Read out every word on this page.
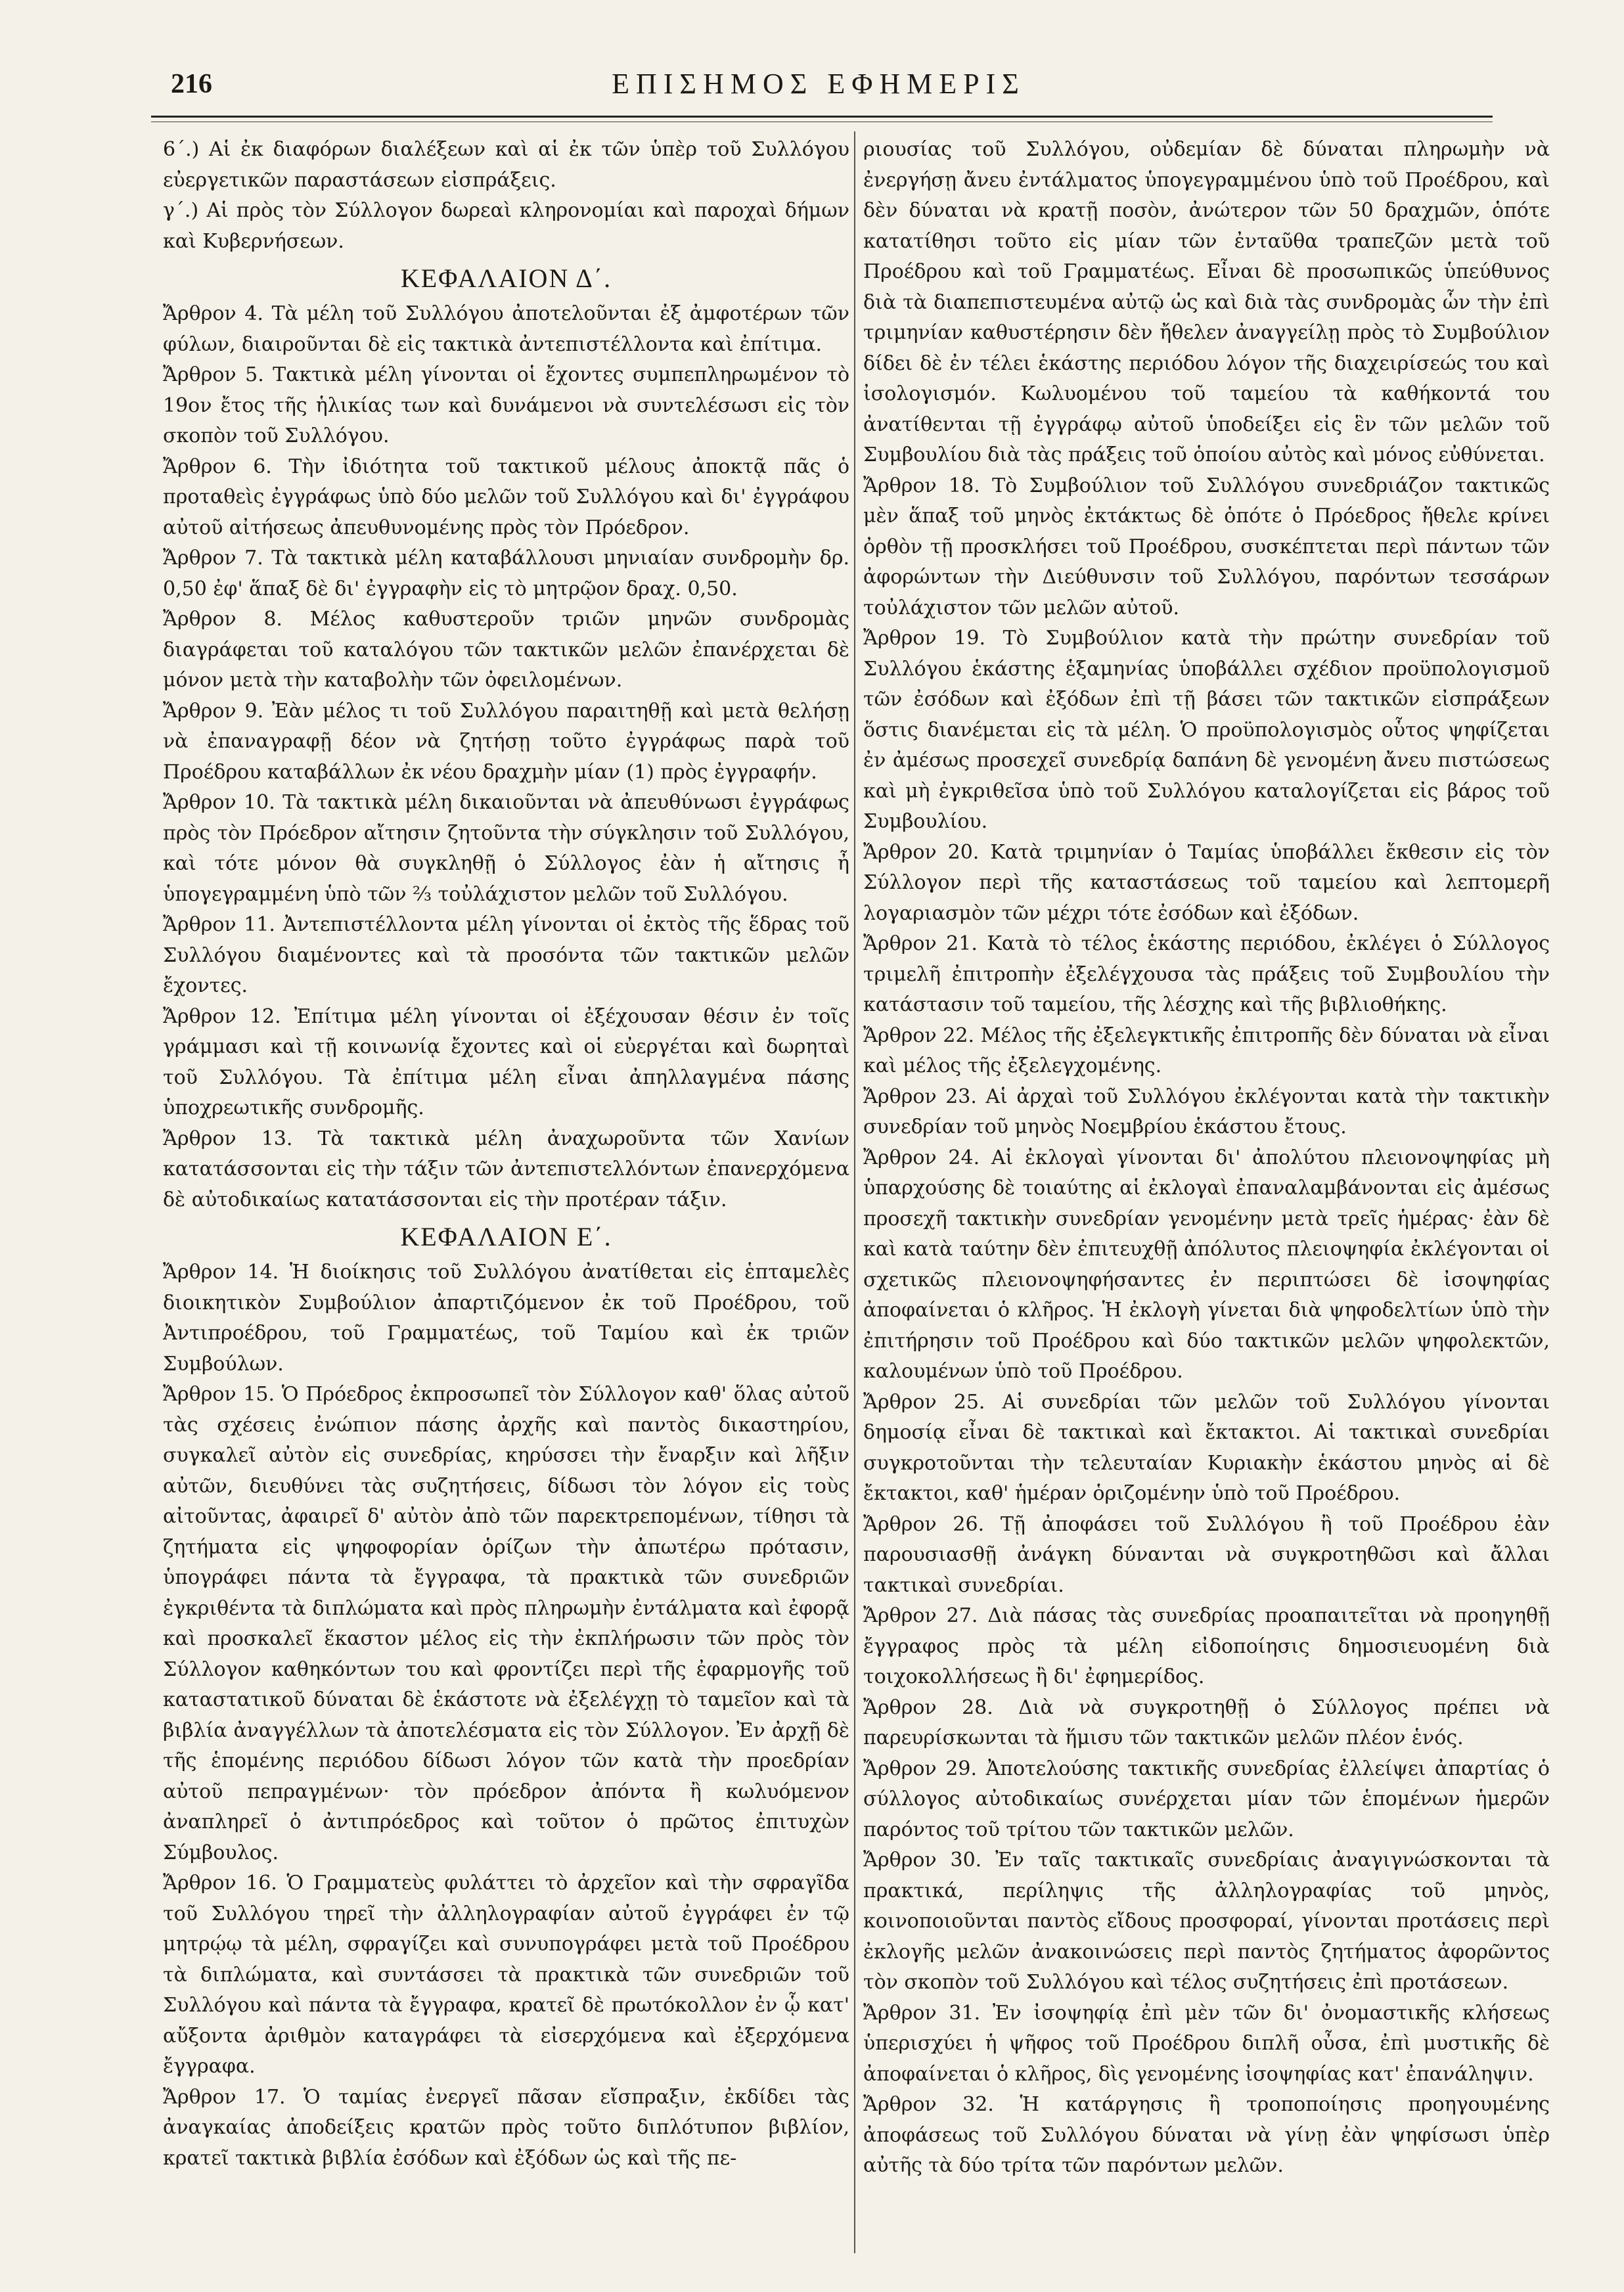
216	ΕΠΙΣΗΜΟΣ ΕΦΗΜΕΡΙΣ

6΄.) Αἱ ἐκ διαφόρων διαλέξεων καὶ αἱ ἐκ τῶν ὑπὲρ τοῦ Συλλόγου εὐεργετικῶν παραστάσεων εἰσπράξεις.

γ΄.) Αἱ πρὸς τὸν Σύλλογον δωρεαὶ κληρονομίαι καὶ παροχαὶ δήμων καὶ Κυβερνήσεων.

ΚΕΦΑΛΑΙΟΝ Δ΄.

Ἄρθρον 4. Τὰ μέλη τοῦ Συλλόγου ἀποτελοῦνται ἐξ ἀμφοτέρων τῶν φύλων, διαιροῦνται δὲ εἰς τακτικὰ ἀντεπιστέλλοντα καὶ ἐπίτιμα.

Ἄρθρον 5. Τακτικὰ μέλη γίνονται οἱ ἔχοντες συμπεπληρωμένον τὸ 19ον ἔτος τῆς ἡλικίας των καὶ δυνάμενοι νὰ συντελέσωσι εἰς τὸν σκοπὸν τοῦ Συλλόγου.

Ἄρθρον 6. Τὴν ἰδιότητα τοῦ τακτικοῦ μέλους ἀποκτᾷ πᾶς ὁ προταθεὶς ἐγγράφως ὑπὸ δύο μελῶν τοῦ Συλλόγου καὶ δι' ἐγγράφου αὐτοῦ αἰτήσεως ἀπευθυνομένης πρὸς τὸν Πρόεδρον.

Ἄρθρον 7. Τὰ τακτικὰ μέλη καταβάλλουσι μηνιαίαν συνδρομὴν δρ. 0,50 ἐφ' ἅπαξ δὲ δι' ἐγγραφὴν εἰς τὸ μητρῷον δραχ. 0,50.

Ἄρθρον 8. Μέλος καθυστεροῦν τριῶν μηνῶν συνδρομὰς διαγράφεται τοῦ καταλόγου τῶν τακτικῶν μελῶν ἐπανέρχεται δὲ μόνον μετὰ τὴν καταβολὴν τῶν ὀφειλομένων.

Ἄρθρον 9. Ἐὰν μέλος τι τοῦ Συλλόγου παραιτηθῇ καὶ μετὰ θελήσῃ νὰ ἐπαναγραφῇ δέον νὰ ζητήσῃ τοῦτο ἐγγράφως παρὰ τοῦ Προέδρου καταβάλλων ἐκ νέου δραχμὴν μίαν (1) πρὸς ἐγγραφήν.

Ἄρθρον 10. Τὰ τακτικὰ μέλη δικαιοῦνται νὰ ἀπευθύνωσι ἐγγράφως πρὸς τὸν Πρόεδρον αἴτησιν ζητοῦντα τὴν σύγκλησιν τοῦ Συλλόγου, καὶ τότε μόνον θὰ συγκληθῇ ὁ Σύλλογος ἐὰν ἡ αἴτησις ἦ ὑπογεγραμμένη ὑπὸ τῶν ⅔ τοὐλάχιστον μελῶν τοῦ Συλλόγου.

Ἄρθρον 11. Ἀντεπιστέλλοντα μέλη γίνονται οἱ ἐκτὸς τῆς ἕδρας τοῦ Συλλόγου διαμένοντες καὶ τὰ προσόντα τῶν τακτικῶν μελῶν ἔχοντες.

Ἄρθρον 12. Ἐπίτιμα μέλη γίνονται οἱ ἐξέχουσαν θέσιν ἐν τοῖς γράμμασι καὶ τῇ κοινωνίᾳ ἔχοντες καὶ οἱ εὐεργέται καὶ δωρηταὶ τοῦ Συλλόγου. Τὰ ἐπίτιμα μέλη εἶναι ἀπηλλαγμένα πάσης ὑποχρεωτικῆς συνδρομῆς.

Ἄρθρον 13. Τὰ τακτικὰ μέλη ἀναχωροῦντα τῶν Χανίων κατατάσσονται εἰς τὴν τάξιν τῶν ἀντεπιστελλόντων ἐπανερχόμενα δὲ αὐτοδικαίως κατατάσσονται εἰς τὴν προτέραν τάξιν.

ΚΕΦΑΛΑΙΟΝ Ε΄.

Ἄρθρον 14. Ἡ διοίκησις τοῦ Συλλόγου ἀνατίθεται εἰς ἑπταμελὲς διοικητικὸν Συμβούλιον ἀπαρτιζόμενον ἐκ τοῦ Προέδρου, τοῦ Ἀντιπροέδρου, τοῦ Γραμματέως, τοῦ Ταμίου καὶ ἐκ τριῶν Συμβούλων.

Ἄρθρον 15. Ὁ Πρόεδρος ἐκπροσωπεῖ τὸν Σύλλογον καθ' ὅλας αὐτοῦ τὰς σχέσεις ἐνώπιον πάσης ἀρχῆς καὶ παντὸς δικαστηρίου, συγκαλεῖ αὐτὸν εἰς συνεδρίας, κηρύσσει τὴν ἔναρξιν καὶ λῆξιν αὐτῶν, διευθύνει τὰς συζητήσεις, δίδωσι τὸν λόγον εἰς τοὺς αἰτοῦντας, ἀφαιρεῖ δ' αὐτὸν ἀπὸ τῶν παρεκτρεπομένων, τίθησι τὰ ζητήματα εἰς ψηφοφορίαν ὁρίζων τὴν ἀπωτέρω πρότασιν, ὑπογράφει πάντα τὰ ἔγγραφα, τὰ πρακτικὰ τῶν συνεδριῶν ἐγκριθέντα τὰ διπλώματα καὶ πρὸς πληρωμὴν ἐντάλματα καὶ ἐφορᾷ καὶ προσκαλεῖ ἕκαστον μέλος εἰς τὴν ἐκπλήρωσιν τῶν πρὸς τὸν Σύλλογον καθηκόντων του καὶ φροντίζει περὶ τῆς ἐφαρμογῆς τοῦ καταστατικοῦ δύναται δὲ ἑκάστοτε νὰ ἐξελέγχῃ τὸ ταμεῖον καὶ τὰ βιβλία ἀναγγέλλων τὰ ἀποτελέσματα εἰς τὸν Σύλλογον. Ἐν ἀρχῇ δὲ τῆς ἑπομένης περιόδου δίδωσι λόγον τῶν κατὰ τὴν προεδρίαν αὐτοῦ πεπραγμένων· τὸν πρόεδρον ἀπόντα ἢ κωλυόμενον ἀναπληρεῖ ὁ ἀντιπρόεδρος καὶ τοῦτον ὁ πρῶτος ἐπιτυχὼν Σύμβουλος.

Ἄρθρον 16. Ὁ Γραμματεὺς φυλάττει τὸ ἀρχεῖον καὶ τὴν σφραγῖδα τοῦ Συλλόγου τηρεῖ τὴν ἀλληλογραφίαν αὐτοῦ ἐγγράφει ἐν τῷ μητρῴῳ τὰ μέλη, σφραγίζει καὶ συνυπογράφει μετὰ τοῦ Προέδρου τὰ διπλώματα, καὶ συντάσσει τὰ πρακτικὰ τῶν συνεδριῶν τοῦ Συλλόγου καὶ πάντα τὰ ἔγγραφα, κρατεῖ δὲ πρωτόκολλον ἐν ᾧ κατ' αὔξοντα ἀριθμὸν καταγράφει τὰ εἰσερχόμενα καὶ ἐξερχόμενα ἔγγραφα.

Ἄρθρον 17. Ὁ ταμίας ἐνεργεῖ πᾶσαν εἴσπραξιν, ἐκδίδει τὰς ἀναγκαίας ἀποδείξεις κρατῶν πρὸς τοῦτο διπλότυπον βιβλίον, κρατεῖ τακτικὰ βιβλία ἐσόδων καὶ ἐξόδων ὡς καὶ τῆς πε-

ριουσίας τοῦ Συλλόγου, οὐδεμίαν δὲ δύναται πληρωμὴν νὰ ἐνεργήσῃ ἄνευ ἐντάλματος ὑπογεγραμμένου ὑπὸ τοῦ Προέδρου, καὶ δὲν δύναται νὰ κρατῇ ποσὸν, ἀνώτερον τῶν 50 δραχμῶν, ὁπότε κατατίθησι τοῦτο εἰς μίαν τῶν ἐνταῦθα τραπεζῶν μετὰ τοῦ Προέδρου καὶ τοῦ Γραμματέως. Εἶναι δὲ προσωπικῶς ὑπεύθυνος διὰ τὰ διαπεπιστευμένα αὐτῷ ὡς καὶ διὰ τὰς συνδρομὰς ὧν τὴν ἐπὶ τριμηνίαν καθυστέρησιν δὲν ἤθελεν ἀναγγείλῃ πρὸς τὸ Συμβούλιον δίδει δὲ ἐν τέλει ἑκάστης περιόδου λόγον τῆς διαχειρίσεώς του καὶ ἰσολογισμόν. Κωλυομένου τοῦ ταμείου τὰ καθήκοντά του ἀνατίθενται τῇ ἐγγράφῳ αὐτοῦ ὑποδείξει εἰς ἓν τῶν μελῶν τοῦ Συμβουλίου διὰ τὰς πράξεις τοῦ ὁποίου αὐτὸς καὶ μόνος εὐθύνεται.

Ἄρθρον 18. Τὸ Συμβούλιον τοῦ Συλλόγου συνεδριάζον τακτικῶς μὲν ἅπαξ τοῦ μηνὸς ἐκτάκτως δὲ ὁπότε ὁ Πρόεδρος ἤθελε κρίνει ὀρθὸν τῇ προσκλήσει τοῦ Προέδρου, συσκέπτεται περὶ πάντων τῶν ἀφορώντων τὴν Διεύθυνσιν τοῦ Συλλόγου, παρόντων τεσσάρων τοὐλάχιστον τῶν μελῶν αὐτοῦ.

Ἄρθρον 19. Τὸ Συμβούλιον κατὰ τὴν πρώτην συνεδρίαν τοῦ Συλλόγου ἑκάστης ἑξαμηνίας ὑποβάλλει σχέδιον προϋπολογισμοῦ τῶν ἐσόδων καὶ ἐξόδων ἐπὶ τῇ βάσει τῶν τακτικῶν εἰσπράξεων ὅστις διανέμεται εἰς τὰ μέλη. Ὁ προϋπολογισμὸς οὗτος ψηφίζεται ἐν ἀμέσως προσεχεῖ συνεδρίᾳ δαπάνη δὲ γενομένη ἄνευ πιστώσεως καὶ μὴ ἐγκριθεῖσα ὑπὸ τοῦ Συλλόγου καταλογίζεται εἰς βάρος τοῦ Συμβουλίου.

Ἄρθρον 20. Κατὰ τριμηνίαν ὁ Ταμίας ὑποβάλλει ἔκθεσιν εἰς τὸν Σύλλογον περὶ τῆς καταστάσεως τοῦ ταμείου καὶ λεπτομερῆ λογαριασμὸν τῶν μέχρι τότε ἐσόδων καὶ ἐξόδων.

Ἄρθρον 21. Κατὰ τὸ τέλος ἑκάστης περιόδου, ἐκλέγει ὁ Σύλλογος τριμελῆ ἐπιτροπὴν ἐξελέγχουσα τὰς πράξεις τοῦ Συμβουλίου τὴν κατάστασιν τοῦ ταμείου, τῆς λέσχης καὶ τῆς βιβλιοθήκης.

Ἄρθρον 22. Μέλος τῆς ἐξελεγκτικῆς ἐπιτροπῆς δὲν δύναται νὰ εἶναι καὶ μέλος τῆς ἐξελεγχομένης.

Ἄρθρον 23. Αἱ ἀρχαὶ τοῦ Συλλόγου ἐκλέγονται κατὰ τὴν τακτικὴν συνεδρίαν τοῦ μηνὸς Νοεμβρίου ἑκάστου ἔτους.

Ἄρθρον 24. Αἱ ἐκλογαὶ γίνονται δι' ἀπολύτου πλειονοψηφίας μὴ ὑπαρχούσης δὲ τοιαύτης αἱ ἐκλογαὶ ἐπαναλαμβάνονται εἰς ἀμέσως προσεχῆ τακτικὴν συνεδρίαν γενομένην μετὰ τρεῖς ἡμέρας· ἐὰν δὲ καὶ κατὰ ταύτην δὲν ἐπιτευχθῇ ἀπόλυτος πλειοψηφία ἐκλέγονται οἱ σχετικῶς πλειονοψηφήσαντες ἐν περιπτώσει δὲ ἰσοψηφίας ἀποφαίνεται ὁ κλῆρος. Ἡ ἐκλογὴ γίνεται διὰ ψηφοδελτίων ὑπὸ τὴν ἐπιτήρησιν τοῦ Προέδρου καὶ δύο τακτικῶν μελῶν ψηφολεκτῶν, καλουμένων ὑπὸ τοῦ Προέδρου.

Ἄρθρον 25. Αἱ συνεδρίαι τῶν μελῶν τοῦ Συλλόγου γίνονται δημοσίᾳ εἶναι δὲ τακτικαὶ καὶ ἔκτακτοι. Αἱ τακτικαὶ συνεδρίαι συγκροτοῦνται τὴν τελευταίαν Κυριακὴν ἑκάστου μηνὸς αἱ δὲ ἔκτακτοι, καθ' ἡμέραν ὁριζομένην ὑπὸ τοῦ Προέδρου.

Ἄρθρον 26. Τῇ ἀποφάσει τοῦ Συλλόγου ἢ τοῦ Προέδρου ἐὰν παρουσιασθῇ ἀνάγκη δύνανται νὰ συγκροτηθῶσι καὶ ἄλλαι τακτικαὶ συνεδρίαι.

Ἄρθρον 27. Διὰ πάσας τὰς συνεδρίας προαπαιτεῖται νὰ προηγηθῇ ἔγγραφος πρὸς τὰ μέλη εἰδοποίησις δημοσιευομένη διὰ τοιχοκολλήσεως ἢ δι' ἐφημερίδος.

Ἄρθρον 28. Διὰ νὰ συγκροτηθῇ ὁ Σύλλογος πρέπει νὰ παρευρίσκωνται τὰ ἥμισυ τῶν τακτικῶν μελῶν πλέον ἑνός.

Ἄρθρον 29. Ἀποτελούσης τακτικῆς συνεδρίας ἐλλείψει ἀπαρτίας ὁ σύλλογος αὐτοδικαίως συνέρχεται μίαν τῶν ἑπομένων ἡμερῶν παρόντος τοῦ τρίτου τῶν τακτικῶν μελῶν.

Ἄρθρον 30. Ἐν ταῖς τακτικαῖς συνεδρίαις ἀναγιγνώσκονται τὰ πρακτικά, περίληψις τῆς ἀλληλογραφίας τοῦ μηνὸς, κοινοποιοῦνται παντὸς εἴδους προσφοραί, γίνονται προτάσεις περὶ ἐκλογῆς μελῶν ἀνακοινώσεις περὶ παντὸς ζητήματος ἀφορῶντος τὸν σκοπὸν τοῦ Συλλόγου καὶ τέλος συζητήσεις ἐπὶ προτάσεων.

Ἄρθρον 31. Ἐν ἰσοψηφίᾳ ἐπὶ μὲν τῶν δι' ὀνομαστικῆς κλήσεως ὑπερισχύει ἡ ψῆφος τοῦ Προέδρου διπλῆ οὖσα, ἐπὶ μυστικῆς δὲ ἀποφαίνεται ὁ κλῆρος, δὶς γενομένης ἰσοψηφίας κατ' ἐπανάληψιν.

Ἄρθρον 32. Ἡ κατάργησις ἢ τροποποίησις προηγουμένης ἀποφάσεως τοῦ Συλλόγου δύναται νὰ γίνῃ ἐὰν ψηφίσωσι ὑπὲρ αὐτῆς τὰ δύο τρίτα τῶν παρόντων μελῶν.
